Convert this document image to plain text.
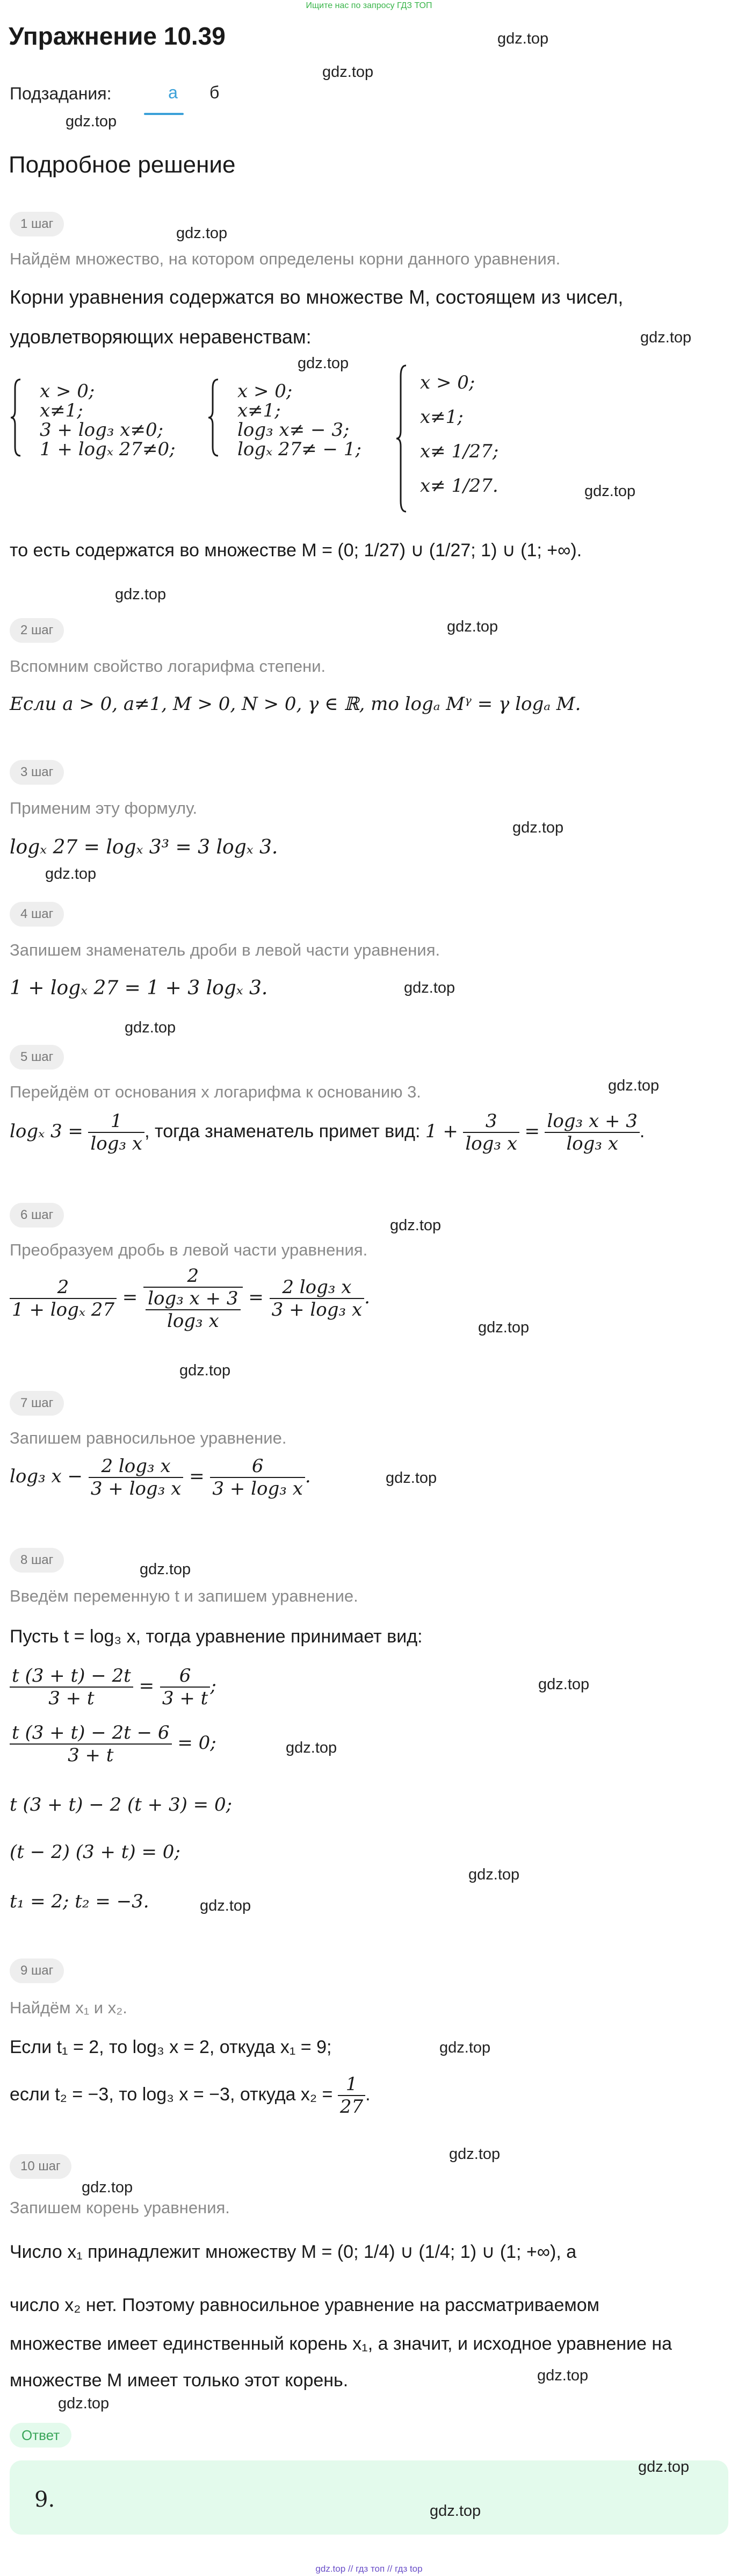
Ищите нас по запросу ГДЗ ТОП
Упражнение 10.39	gdz.top
Подзадания:
gdz.top
а	б
gdz.top
Подробное решение
1 шаг
gdz.top
Найдём множество, на котором определены корни данного уравнения.
Корни уравнения содержатся во множестве M, состоящем из чисел,
удовлетворяющих неравенствам:	gdz.top
gdz.top
x > 0;
x≠1;
3 + log₃ x≠0;
1 + logₓ 27≠0;
x > 0;
x≠1;
log₃ x≠ − 3;
logₓ 27≠ − 1;
x > 0;
x≠1;
x≠ 1/27;
x≠ 1/27.	gdz.top
то есть содержатся во множестве M = (0; 1/27) ∪ (1/27; 1) ∪ (1; +∞).
gdz.top
2 шаг	gdz.top
Вспомним свойство логарифма степени.
Если a > 0, a≠1, M > 0, N > 0, γ ∈ ℝ, то logₐ Mᵞ = γ logₐ M.
3 шаг
Применим эту формулу.
gdz.top
logₓ 27 = logₓ 3³ = 3 logₓ 3.
gdz.top
4 шаг
Запишем знаменатель дроби в левой части уравнения.
1 + logₓ 27 = 1 + 3 logₓ 3.	gdz.top
gdz.top
5 шаг
gdz.top
Перейдём от основания x логарифма к основанию 3.
logₓ $3 = \frac{1}{\text{log₃ x}}$ , тогда знаменатель примет вид: $1 + \frac{3}{\text{log₃ x}} = \frac{\text{log₃ x + 3}}{\text{log₃ x}}$ .
6 шаг
gdz.top
Преобразуем дробь в левой части уравнения.
$\frac{2}{\text{1 + logₓ 27}} = \frac{2}{\frac{\text{log₃ x + 3}}{\text{log₃ x}}} = \frac{\text{2 log₃ x}}{\text{3 + log₃ x}}$ .
gdz.top
gdz.top
7 шаг
Запишем равносильное уравнение.
log₃ $x - \frac{\text{2 log₃ x}}{\text{3 + log₃ x}} = \frac{6}{\text{3 + log₃ x}}$ .	gdz.top
8 шаг
gdz.top
Введём переменную t и запишем уравнение.
Пусть t = log₃ x, тогда уравнение принимает вид:
$\frac{t (3 + t) - 2t}{3 + t} = \frac{6}{3 + t}$ ;	gdz.top
$\frac{t (3 + t) - 2t - 6}{3 + t} = 0$;	gdz.top
t (3 + t) − 2 (t + 3) = 0;
(t − 2) (3 + t) = 0;
gdz.top
t₁ = 2; t₂ = −3.	gdz.top
9 шаг
Найдём x₁ и x₂.
Если t₁ = 2, то log₃ x = 2, откуда x₁ = 9;	gdz.top
если t₂ = −3, то log₃ x = −3, откуда $x_2 = \frac{1}{27}$ .
gdz.top
10 шаг
gdz.top
Запишем корень уравнения.
Число x₁ принадлежит множеству M = (0; 1/4) ∪ (1/4; 1) ∪ (1; +∞), а
число x₂ нет. Поэтому равносильное уравнение на рассматриваемом
множестве имеет единственный корень x₁, а значит, и исходное уравнение на
множестве M имеет только этот корень.	gdz.top
gdz.top
Ответ
gdz.top
9.	gdz.top
gdz.top // гдз топ // гдз top
